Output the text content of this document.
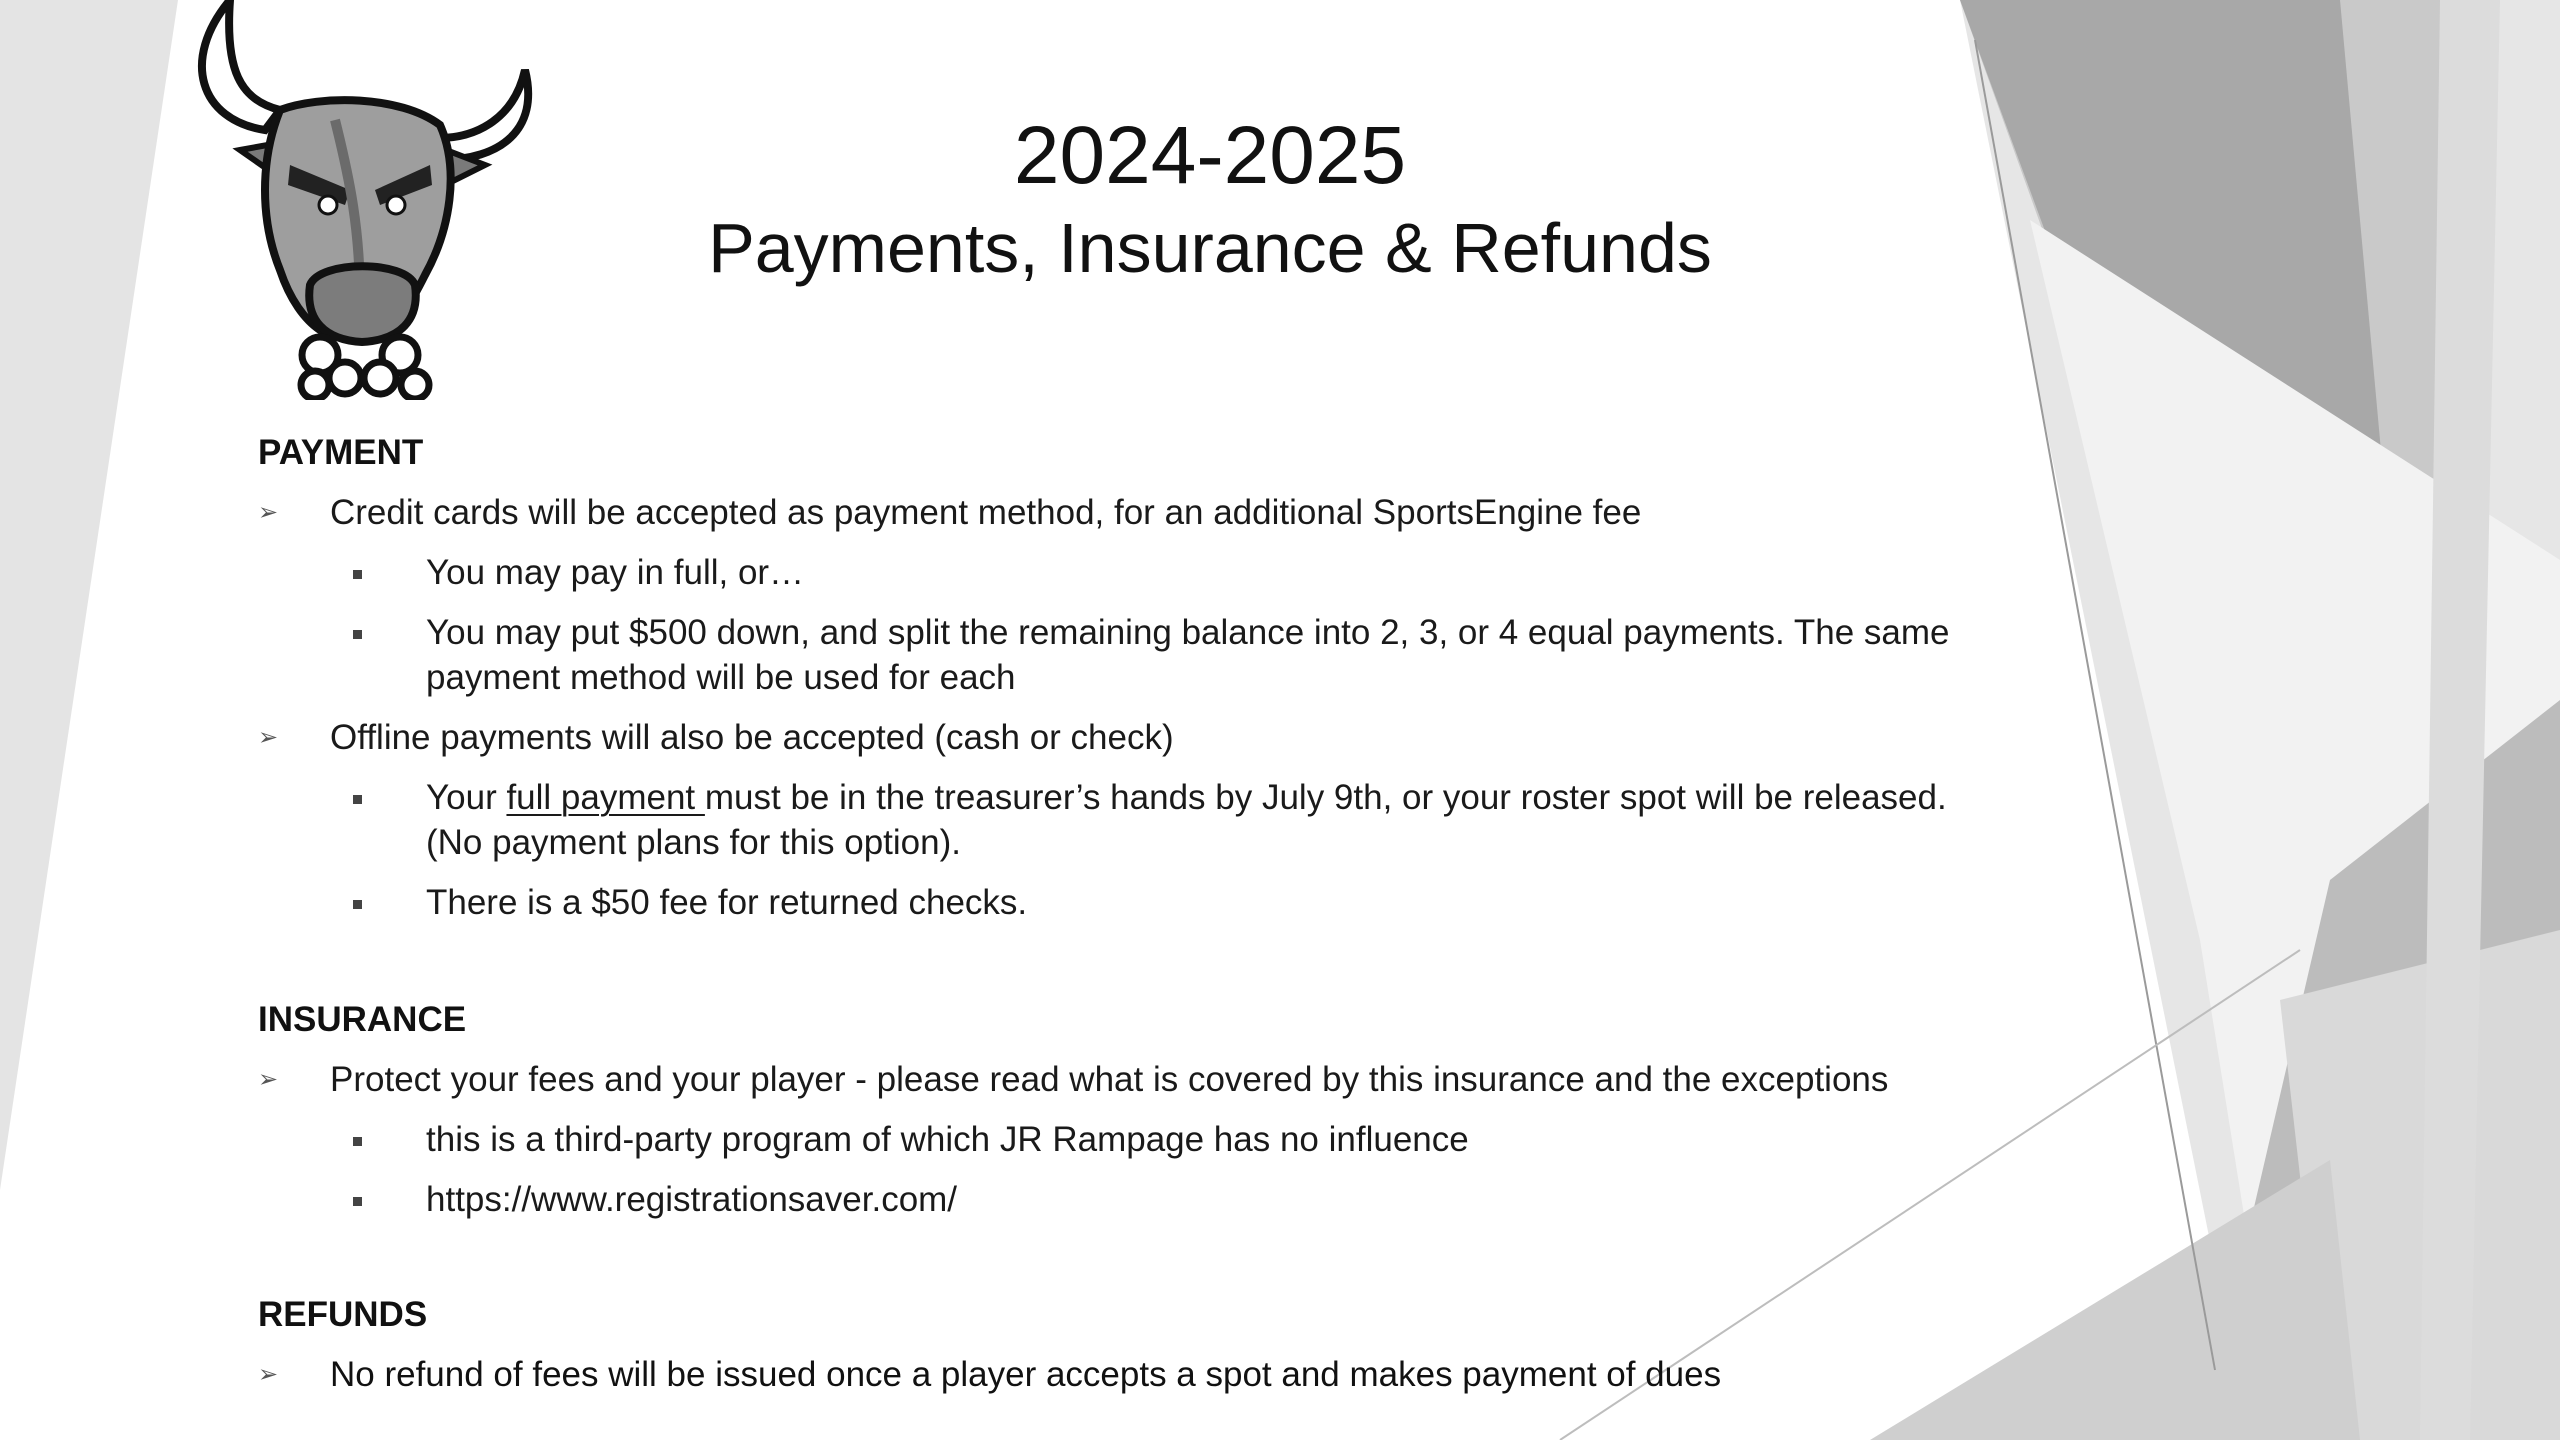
2024-2025
Payments, Insurance & Refunds
PAYMENT
➢ Credit cards will be accepted as payment method, for an additional SportsEngine fee
You may pay in full, or…
You may put $500 down, and split the remaining balance into 2, 3, or 4 equal payments. The same payment method will be used for each
➢ Offline payments will also be accepted (cash or check)
Your full payment must be in the treasurer’s hands by July 9th, or your roster spot will be released. (No payment plans for this option).
There is a $50 fee for returned checks.
INSURANCE
➢ Protect your fees and your player - please read what is covered by this insurance and the exceptions
this is a third-party program of which JR Rampage has no influence
https://www.registrationsaver.com/
REFUNDS
➢ No refund of fees will be issued once a player accepts a spot and makes payment of dues
